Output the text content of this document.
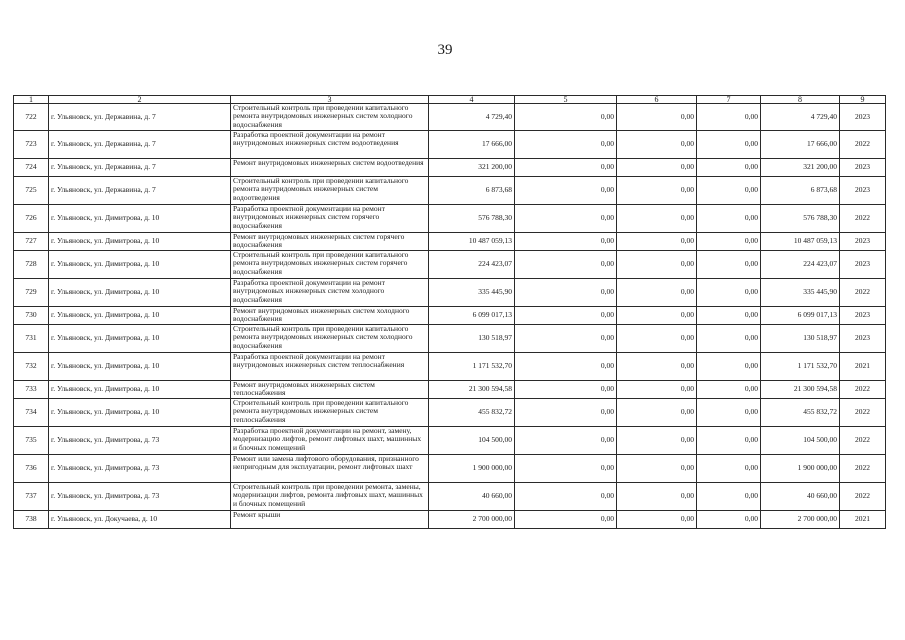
39
1	2	3	4	5	6	7	8	9
722	г. Ульяновск, ул. Державина, д. 7	Строительный контроль при проведении капитального ремонта внутридомовых инженерных систем холодного водоснабжения	4 729,40	0,00	0,00	0,00	4 729,40	2023
723	г. Ульяновск, ул. Державина, д. 7	Разработка проектной документации на ремонт внутридомовых инженерных систем водоотведения	17 666,00	0,00	0,00	0,00	17 666,00	2022
724	г. Ульяновск, ул. Державина, д. 7	Ремонт внутридомовых инженерных систем водоотведения	321 200,00	0,00	0,00	0,00	321 200,00	2023
725	г. Ульяновск, ул. Державина, д. 7	Строительный контроль при проведении капитального ремонта внутридомовых инженерных систем водоотведения	6 873,68	0,00	0,00	0,00	6 873,68	2023
726	г. Ульяновск, ул. Димитрова, д. 10	Разработка проектной документации на ремонт внутридомовых инженерных систем горячего водоснабжения	576 788,30	0,00	0,00	0,00	576 788,30	2022
727	г. Ульяновск, ул. Димитрова, д. 10	Ремонт внутридомовых инженерных систем горячего водоснабжения	10 487 059,13	0,00	0,00	0,00	10 487 059,13	2023
728	г. Ульяновск, ул. Димитрова, д. 10	Строительный контроль при проведении капитального ремонта внутридомовых инженерных систем горячего водоснабжения	224 423,07	0,00	0,00	0,00	224 423,07	2023
729	г. Ульяновск, ул. Димитрова, д. 10	Разработка проектной документации на ремонт внутридомовых инженерных систем холодного водоснабжения	335 445,90	0,00	0,00	0,00	335 445,90	2022
730	г. Ульяновск, ул. Димитрова, д. 10	Ремонт внутридомовых инженерных систем холодного водоснабжения	6 099 017,13	0,00	0,00	0,00	6 099 017,13	2023
731	г. Ульяновск, ул. Димитрова, д. 10	Строительный контроль при проведении капитального ремонта внутридомовых инженерных систем холодного водоснабжения	130 518,97	0,00	0,00	0,00	130 518,97	2023
732	г. Ульяновск, ул. Димитрова, д. 10	Разработка проектной документации на ремонт внутридомовых инженерных систем теплоснабжения	1 171 532,70	0,00	0,00	0,00	1 171 532,70	2021
733	г. Ульяновск, ул. Димитрова, д. 10	Ремонт внутридомовых инженерных систем теплоснабжения	21 300 594,58	0,00	0,00	0,00	21 300 594,58	2022
734	г. Ульяновск, ул. Димитрова, д. 10	Строительный контроль при проведении капитального ремонта внутридомовых инженерных систем теплоснабжения	455 832,72	0,00	0,00	0,00	455 832,72	2022
735	г. Ульяновск, ул. Димитрова, д. 73	Разработка проектной документации на ремонт, замену, модернизацию лифтов, ремонт лифтовых шахт, машинных и блочных помещений	104 500,00	0,00	0,00	0,00	104 500,00	2022
736	г. Ульяновск, ул. Димитрова, д. 73	Ремонт или замена лифтового оборудования, признанного непригодным для эксплуатации, ремонт лифтовых шахт	1 900 000,00	0,00	0,00	0,00	1 900 000,00	2022
737	г. Ульяновск, ул. Димитрова, д. 73	Строительный контроль при проведении ремонта, замены, модернизации лифтов, ремонта лифтовых шахт, машинных и блочных помещений	40 660,00	0,00	0,00	0,00	40 660,00	2022
738	г. Ульяновск, ул. Докучаева, д. 10	Ремонт крыши	2 700 000,00	0,00	0,00	0,00	2 700 000,00	2021
